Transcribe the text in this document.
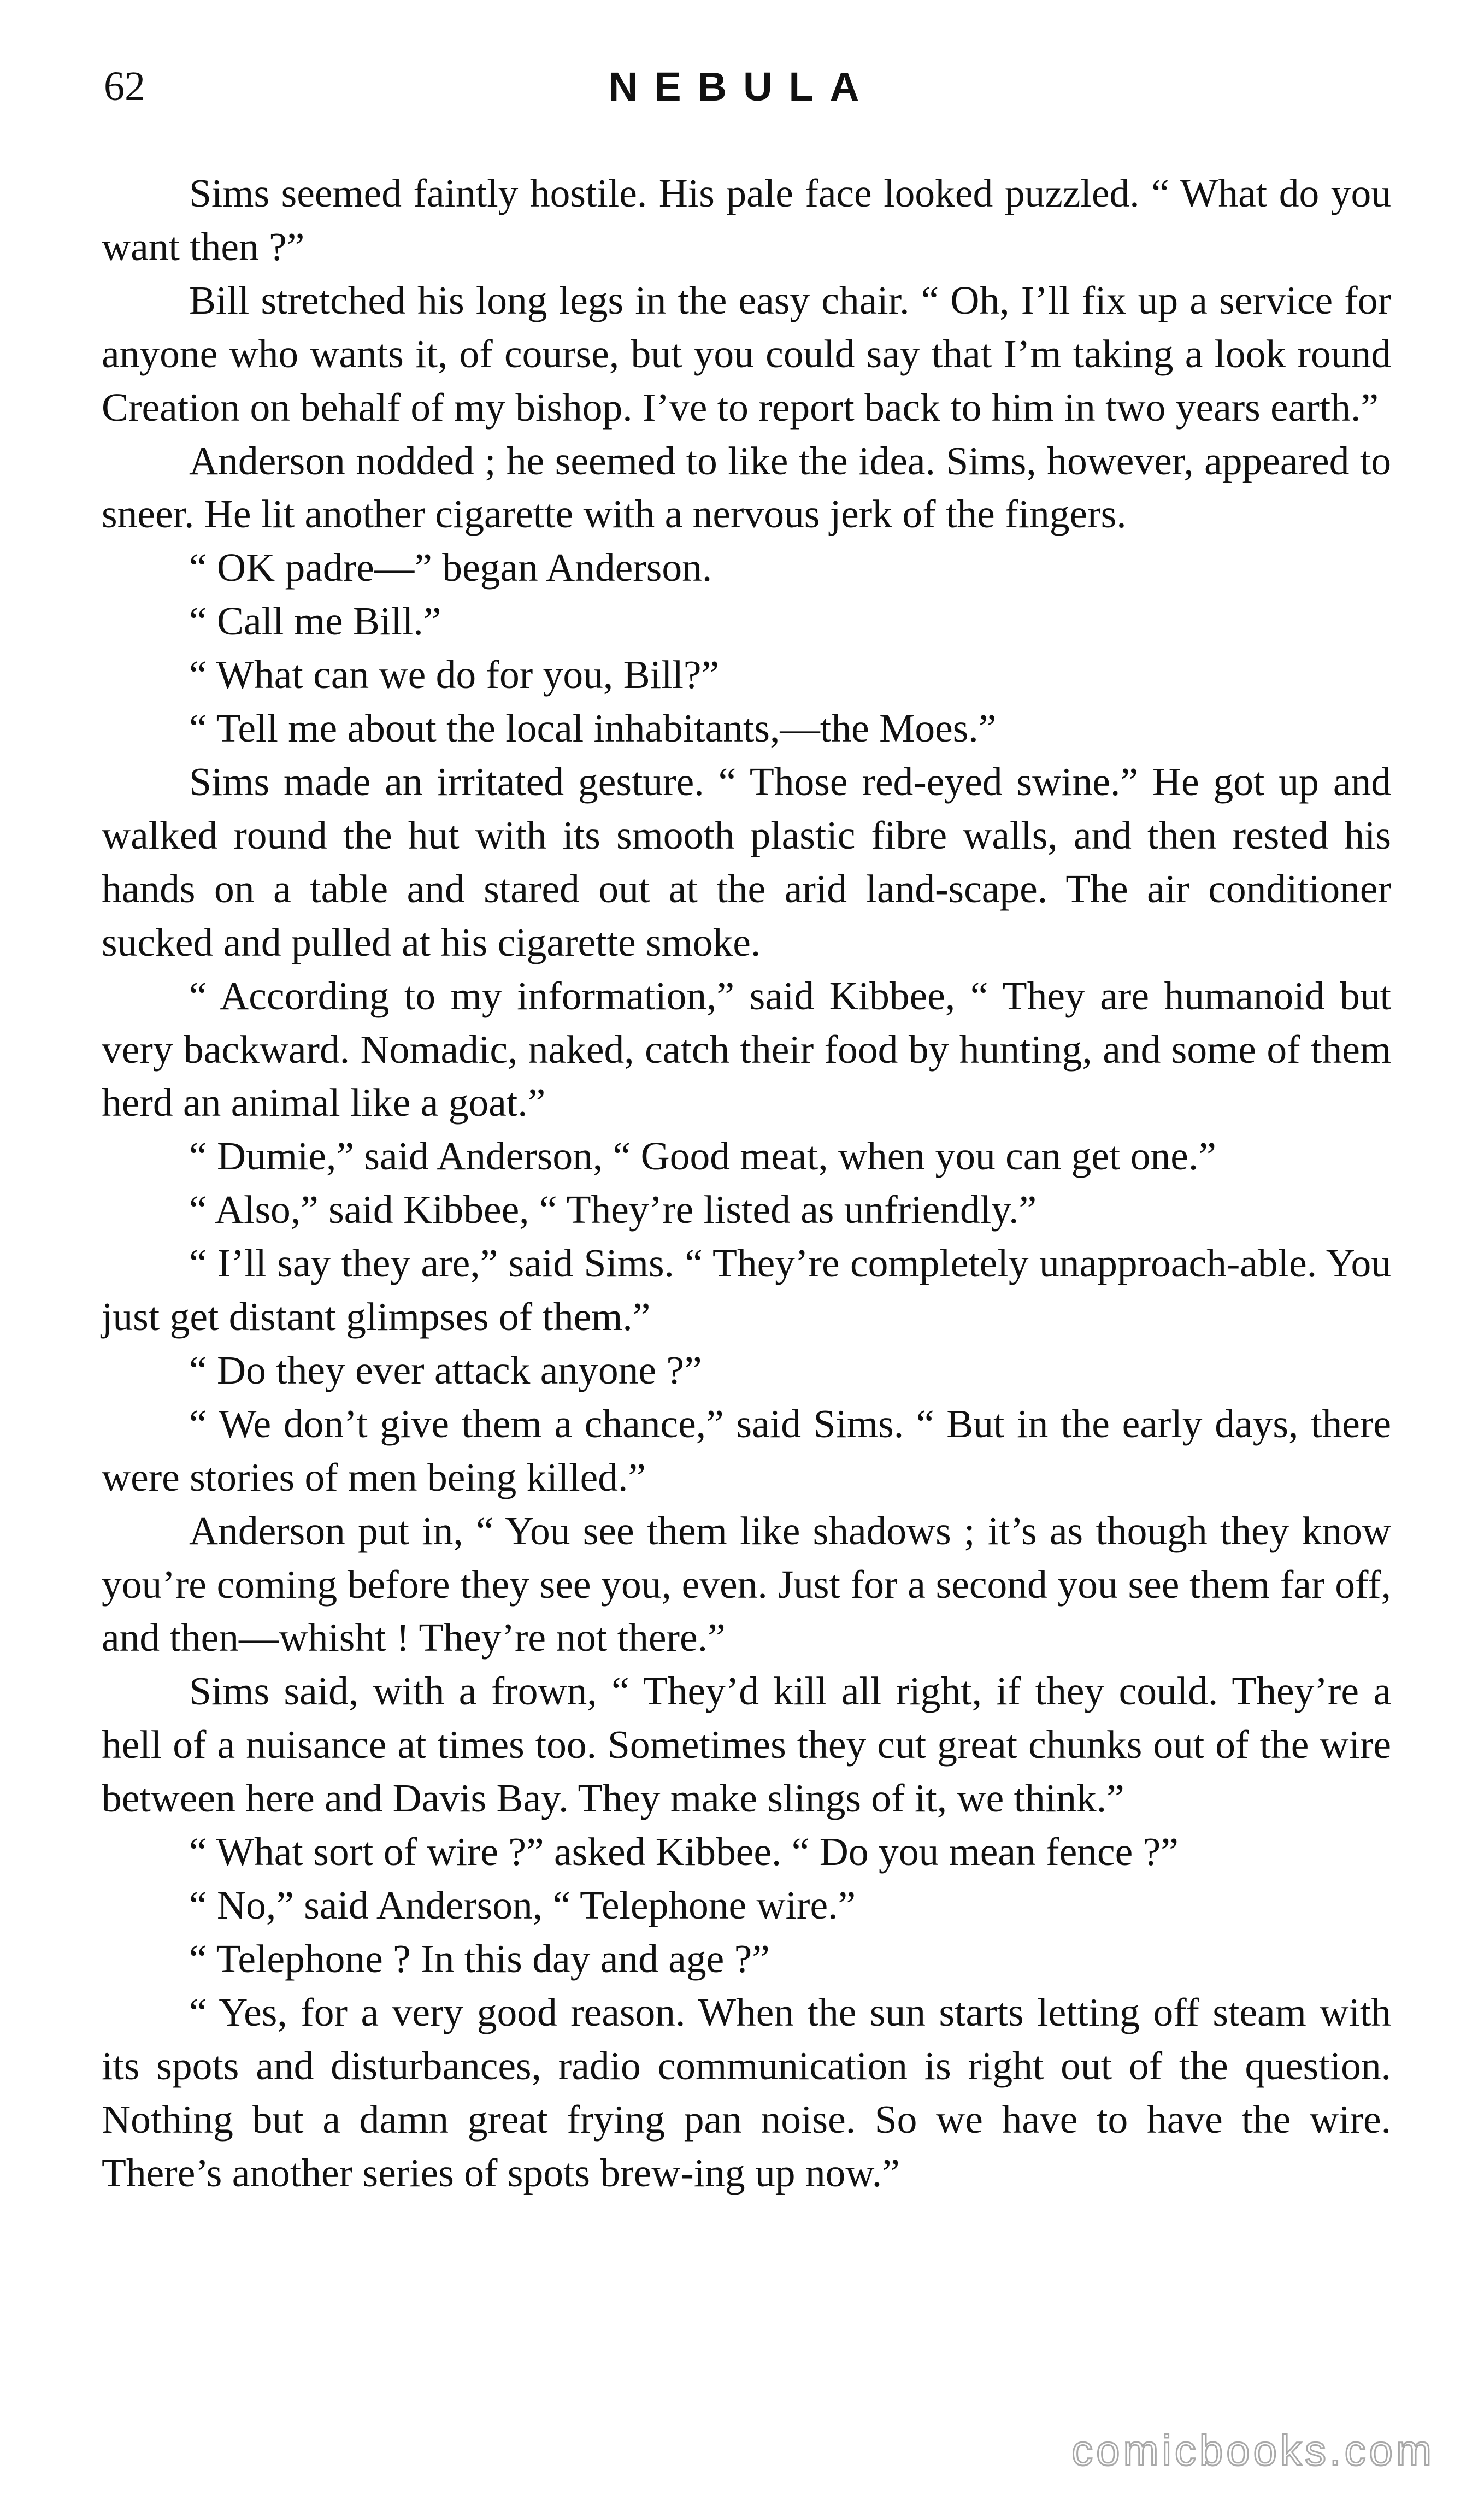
62	NEBULA

Sims seemed faintly hostile. His pale face looked puzzled. “ What do you want then ?”

Bill stretched his long legs in the easy chair. “ Oh, I’ll fix up a service for anyone who wants it, of course, but you could say that I’m taking a look round Creation on behalf of my bishop. I’ve to report back to him in two years earth.”

Anderson nodded ; he seemed to like the idea. Sims, however, appeared to sneer. He lit another cigarette with a nervous jerk of the fingers.

“ OK padre—” began Anderson.

“ Call me Bill.”

“ What can we do for you, Bill?”

“ Tell me about the local inhabitants,—the Moes.”

Sims made an irritated gesture. “ Those red-eyed swine.” He got up and walked round the hut with its smooth plastic fibre walls, and then rested his hands on a table and stared out at the arid land-scape. The air conditioner sucked and pulled at his cigarette smoke.

“ According to my information,” said Kibbee, “ They are humanoid but very backward. Nomadic, naked, catch their food by hunting, and some of them herd an animal like a goat.”

“ Dumie,” said Anderson, “ Good meat, when you can get one.”

“ Also,” said Kibbee, “ They’re listed as unfriendly.”

“ I’ll say they are,” said Sims. “ They’re completely unapproach-able. You just get distant glimpses of them.”

“ Do they ever attack anyone ?”

“ We don’t give them a chance,” said Sims. “ But in the early days, there were stories of men being killed.”

Anderson put in, “ You see them like shadows ; it’s as though they know you’re coming before they see you, even. Just for a second you see them far off, and then—whisht ! They’re not there.”

Sims said, with a frown, “ They’d kill all right, if they could. They’re a hell of a nuisance at times too. Sometimes they cut great chunks out of the wire between here and Davis Bay. They make slings of it, we think.”

“ What sort of wire ?” asked Kibbee. “ Do you mean fence ?”

“ No,” said Anderson, “ Telephone wire.”

“ Telephone ? In this day and age ?”

“ Yes, for a very good reason. When the sun starts letting off steam with its spots and disturbances, radio communication is right out of the question. Nothing but a damn great frying pan noise. So we have to have the wire. There’s another series of spots brew-ing up now.”

comicbooks.com
